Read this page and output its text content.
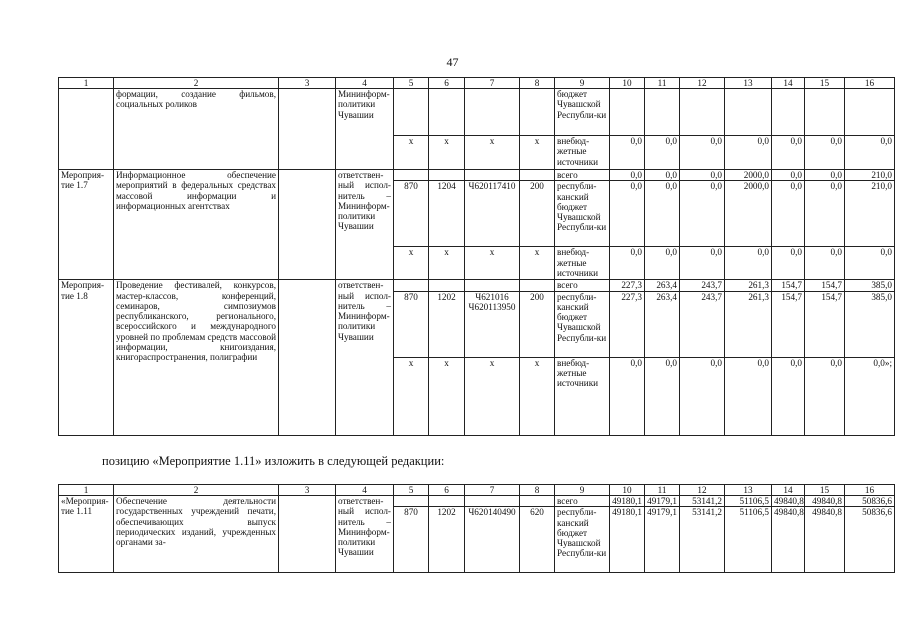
47
1	2	3	4	5	6	7	8	9	10	11	12	13	14	15	16
	формации, создание фильмов, социальных роликов		Мининформ-политики Чувашии					бюджет Чувашской Республи-ки							
				x	x	x	x	внебюд-жетные источники	0,0	0,0	0,0	0,0	0,0	0,0	0,0
Мероприя-тие 1.7	Информационное обеспечение мероприятий в федеральных средствах массовой информации и информационных агентствах		ответствен-ный испол-нитель – Мининформ-политики Чувашии					всего	0,0	0,0	0,0	2000,0	0,0	0,0	210,0
				870	1204	Ч620117410	200	республи-канский бюджет Чувашской Республи-ки	0,0	0,0	0,0	2000,0	0,0	0,0	210,0
				x	x	x	x	внебюд-жетные источники	0,0	0,0	0,0	0,0	0,0	0,0	0,0
Мероприя-тие 1.8	Проведение фестивалей, конкурсов, мастер-классов, конференций, семинаров, симпозиумов республиканского, регионального, всероссийского и международного уровней по проблемам средств массовой информации, книгоиздания, книгораспространения, полиграфии		ответствен-ный испол-нитель – Мининформ-политики Чувашии					всего	227,3	263,4	243,7	261,3	154,7	154,7	385,0
				870	1202	Ч621016 Ч620113950	200	республи-канский бюджет Чувашской Республи-ки	227,3	263,4	243,7	261,3	154,7	154,7	385,0
				x	x	x	x	внебюд-жетные источники	0,0	0,0	0,0	0,0	0,0	0,0	0,0»;
позицию «Мероприятие 1.11» изложить в следующей редакции:
1	2	3	4	5	6	7	8	9	10	11	12	13	14	15	16
«Мероприя-тие 1.11	Обеспечение деятельности государственных учреждений печати, обеспечивающих выпуск периодических изданий, учрежденных органами за-		ответствен-ный испол-нитель – Мининформ-политики Чувашии					всего	49180,1	49179,1	53141,2	51106,5	49840,8	49840,8	50836,6
				870	1202	Ч620140490	620	республи-канский бюджет Чувашской Республи-ки	49180,1	49179,1	53141,2	51106,5	49840,8	49840,8	50836,6
